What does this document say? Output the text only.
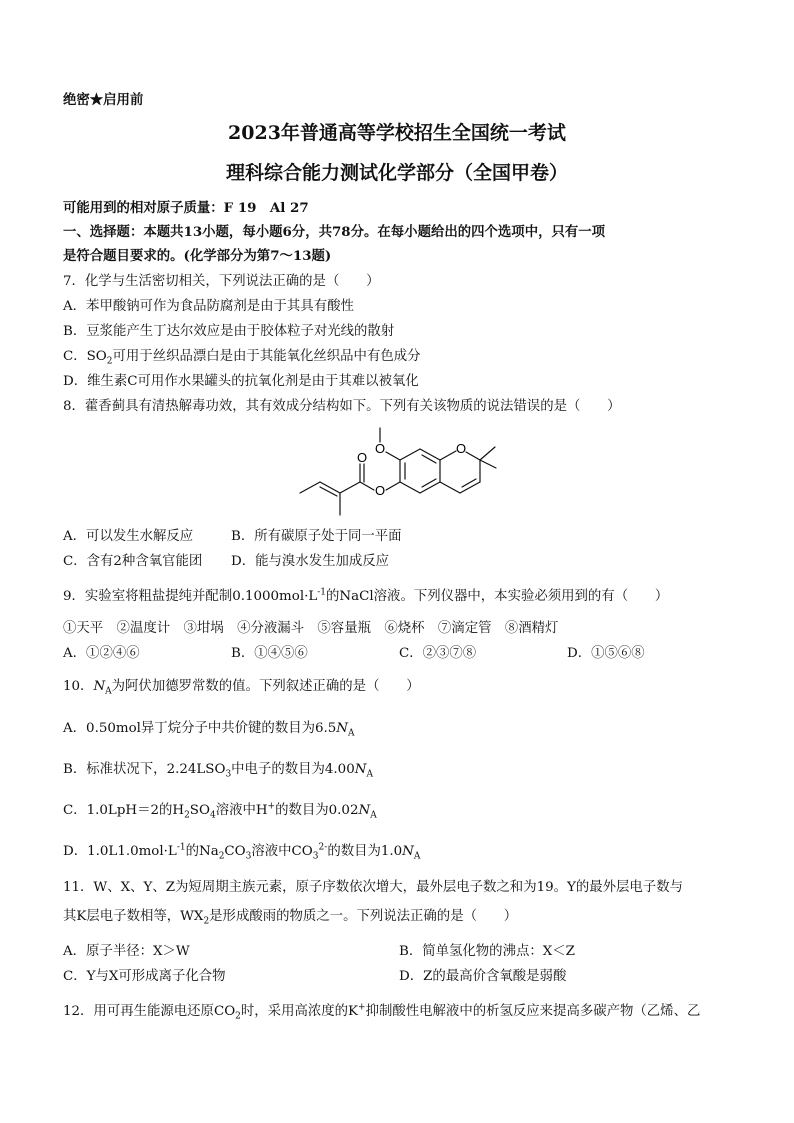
绝密★启用前
2023年普通高等学校招生全国统一考试
理科综合能力测试化学部分（全国甲卷）
可能用到的相对原子质量：F 19　Al 27
一、选择题：本题共13小题，每小题6分，共78分。在每小题给出的四个选项中，只有一项
是符合题目要求的。(化学部分为第7～13题)
7．化学与生活密切相关，下列说法正确的是（　　）
A．苯甲酸钠可作为食品防腐剂是由于其具有酸性
B．豆浆能产生丁达尔效应是由于胶体粒子对光线的散射
C．$SO_2$可用于丝织品漂白是由于其能氧化丝织品中有色成分
D．维生素C可用作水果罐头的抗氧化剂是由于其难以被氧化
8．藿香蓟具有清热解毒功效，其有效成分结构如下。下列有关该物质的说法错误的是（　　）
O	O
O
O
A．可以发生水解反应	B．所有碳原子处于同一平面
C．含有2种含氧官能团 D．能与溴水发生加成反应
9．实验室将粗盐提纯并配制$0.1000mol\cdot L^{-1}$的NaCl溶液。下列仪器中，本实验必须用到的有（　　）
①天平　②温度计　③坩埚　④分液漏斗　⑤容量瓶　⑥烧杯　⑦滴定管　⑧酒精灯
A．①②④⑥	B．①④⑤⑥	C．②③⑦⑧	D．①⑤⑥⑧
10．$N_A$为阿伏加德罗常数的值。下列叙述正确的是（　　）
A．0.50mol异丁烷分子中共价键的数目为$6.5N_A$
B．标准状况下，$2.24LSO_3$中电子的数目为$4.00N_A$
C．1.0LpH＝2的$H_2SO_4$溶液中H+的数目为$0.02N_A$
D．$1.0L1.0mol\cdot L^{-1}$的$Na_2CO_3$溶液中$CO_3^{2-}$的数目为$1.0N_A$
11．W、X、Y、Z为短周期主族元素，原子序数依次增大，最外层电子数之和为19。Y的最外层电子数与
其K层电子数相等，$WX_2$是形成酸雨的物质之一。下列说法正确的是（　　）
A．原子半径：X＞W	B．简单氢化物的沸点：X＜Z
C．Y与X可形成离子化合物	D．Z的最高价含氧酸是弱酸
12．用可再生能源电还原$CO_2$时，采用高浓度的K+抑制酸性电解液中的析氢反应来提高多碳产物（乙烯、乙
